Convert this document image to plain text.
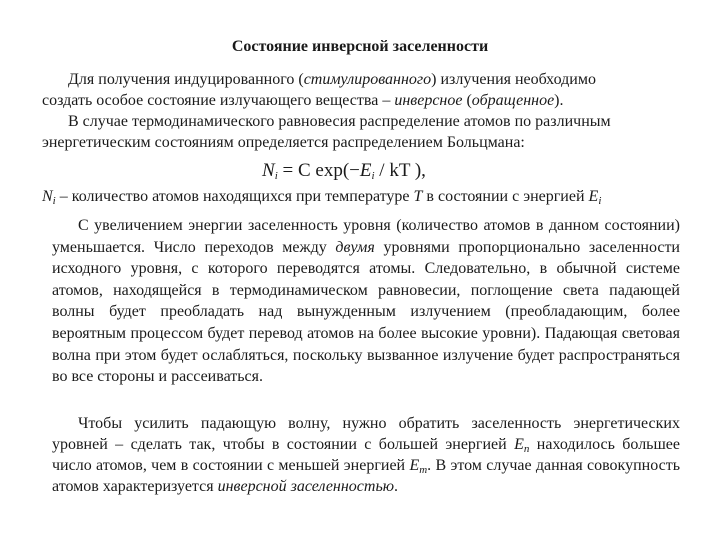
Состояние инверсной заселенности
Для получения индуцированного (стимулированного) излучения необходимо
создать особое состояние излучающего вещества – инверсное (обращенное).
В случае термодинамического равновесия распределение атомов по различным
энергетическим состояниям определяется распределением Больцмана:
$N_i = C$ $\exp(-E_i$ / kT ),
$N_i$ – количество атомов находящихся при температуре T в состоянии с энергией $E_i$
С увеличением энергии заселенность уровня (количество атомов в данном состоянии) уменьшается. Число переходов между двумя уровнями пропорционально заселенности исходного уровня, с которого переводятся атомы. Следовательно, в обычной системе атомов, находящейся в термодинамическом равновесии, поглощение света падающей волны будет преобладать над вынужденным излучением (преобладающим, более вероятным процессом будет перевод атомов на более высокие уровни). Падающая световая волна при этом будет ослабляться, поскольку вызванное излучение будет распространяться во все стороны и рассеиваться.
Чтобы усилить падающую волну, нужно обратить заселенность энергетических уровней – сделать так, чтобы в состоянии с большей энергией $E_n$ находилось большее число атомов, чем в состоянии с меньшей энергией $E_m$. В этом случае данная совокупность атомов характеризуется инверсной заселенностью.
